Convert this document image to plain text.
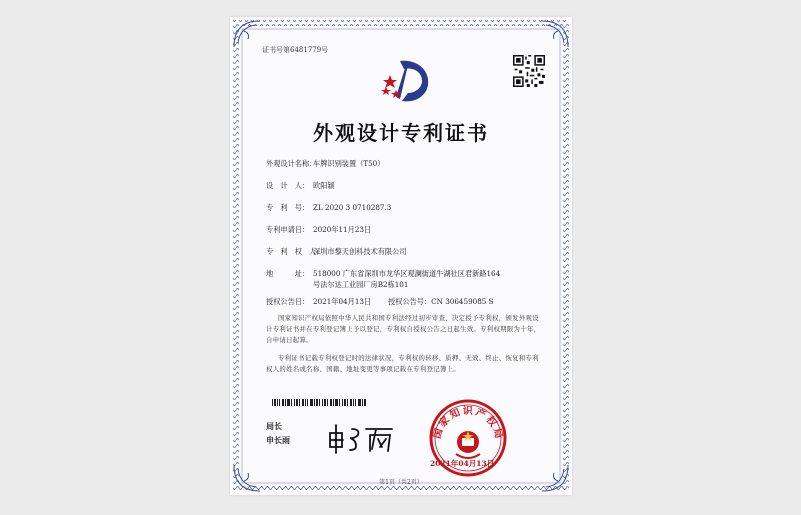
证书号第6481779号
外观设计专利证书
外观设计名称：车牌识别装置（T50）
设　计　人： 欧阳颖
专　利　号： ZL 2020 3 0710287.3
专利申请日： 2020年11月23日
专　利　权　人：深圳市黎天创科技术有限公司
地　　　址： 518000 广东省深圳市龙华区观澜街道牛湖社区君新路164
号法尔达工业园厂房B2栋101
授权公告日： 2021年04月13日 授权公告号：CN 306459085 S
国家知识产权局依照中华人民共和国专利法经过初步审查，决定授予专利权，颁发外观设计专利证书并在专利登记簿上予以登记，专利权自授权公告之日起生效。专利权期限为十年，自申请日起算。
专利证书记载专利权登记时的法律状况，专利权的转移、质押、无效、终止、恢复和专利权人的姓名或名称、国籍、地址变更等事项记载在专利登记簿上。
局长
申长雨	国家知识产权局
2021年04月13日
第1页（共2页）
